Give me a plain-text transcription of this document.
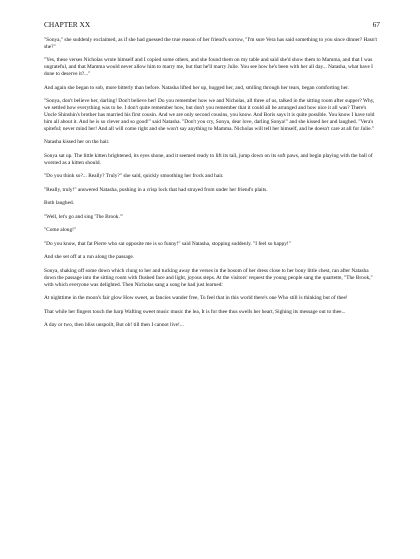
CHAPTER XX	67

"Sonya," she suddenly exclaimed, as if she had guessed the true reason of her friend's sorrow, "I'm sure Vera has said something to you since dinner? Hasn't she?"

"Yes, these verses Nicholas wrote himself and I copied some others, and she found them on my table and said she'd show them to Mamma, and that I was ungrateful, and that Mamma would never allow him to marry me, but that he'll marry Julie. You see how he's been with her all day... Natasha, what have I done to deserve it?..."

And again she began to sob, more bitterly than before. Natasha lifted her up, hugged her, and, smiling through her tears, began comforting her.

"Sonya, don't believe her, darling! Don't believe her! Do you remember how we and Nicholas, all three of us, talked in the sitting room after supper? Why, we settled how everything was to be. I don't quite remember how, but don't you remember that it could all be arranged and how nice it all was? There's Uncle Shinshin's brother has married his first cousin. And we are only second cousins, you know. And Boris says it is quite possible. You know I have told him all about it. And he is so clever and so good!" said Natasha. "Don't you cry, Sonya, dear love, darling Sonya!" and she kissed her and laughed. "Vera's spiteful; never mind her! And all will come right and she won't say anything to Mamma. Nicholas will tell her himself, and he doesn't care at all for Julie."

Natasha kissed her on the hair.

Sonya sat up. The little kitten brightened, its eyes shone, and it seemed ready to lift its tail, jump down on its soft paws, and begin playing with the ball of worsted as a kitten should.

"Do you think so?... Really? Truly?" she said, quickly smoothing her frock and hair.

"Really, truly!" answered Natasha, pushing in a crisp lock that had strayed from under her friend's plaits.

Both laughed.

"Well, let's go and sing 'The Brook.'"

"Come along!"

"Do you know, that fat Pierre who sat opposite me is so funny!" said Natasha, stopping suddenly. "I feel so happy!"

And she set off at a run along the passage.

Sonya, shaking off some down which clung to her and tucking away the verses in the bosom of her dress close to her bony little chest, ran after Natasha down the passage into the sitting room with flushed face and light, joyous steps. At the visitors' request the young people sang the quartette, "The Brook," with which everyone was delighted. Then Nicholas sang a song he had just learned:

At nighttime in the moon's fair glow How sweet, as fancies wander free, To feel that in this world there's one Who still is thinking but of thee!

That while her fingers touch the harp Wafting sweet music music the lea, It is for thee thus swells her heart, Sighing its message out to thee...

A day or two, then bliss unspoilt, But oh! till then I cannot live!...
